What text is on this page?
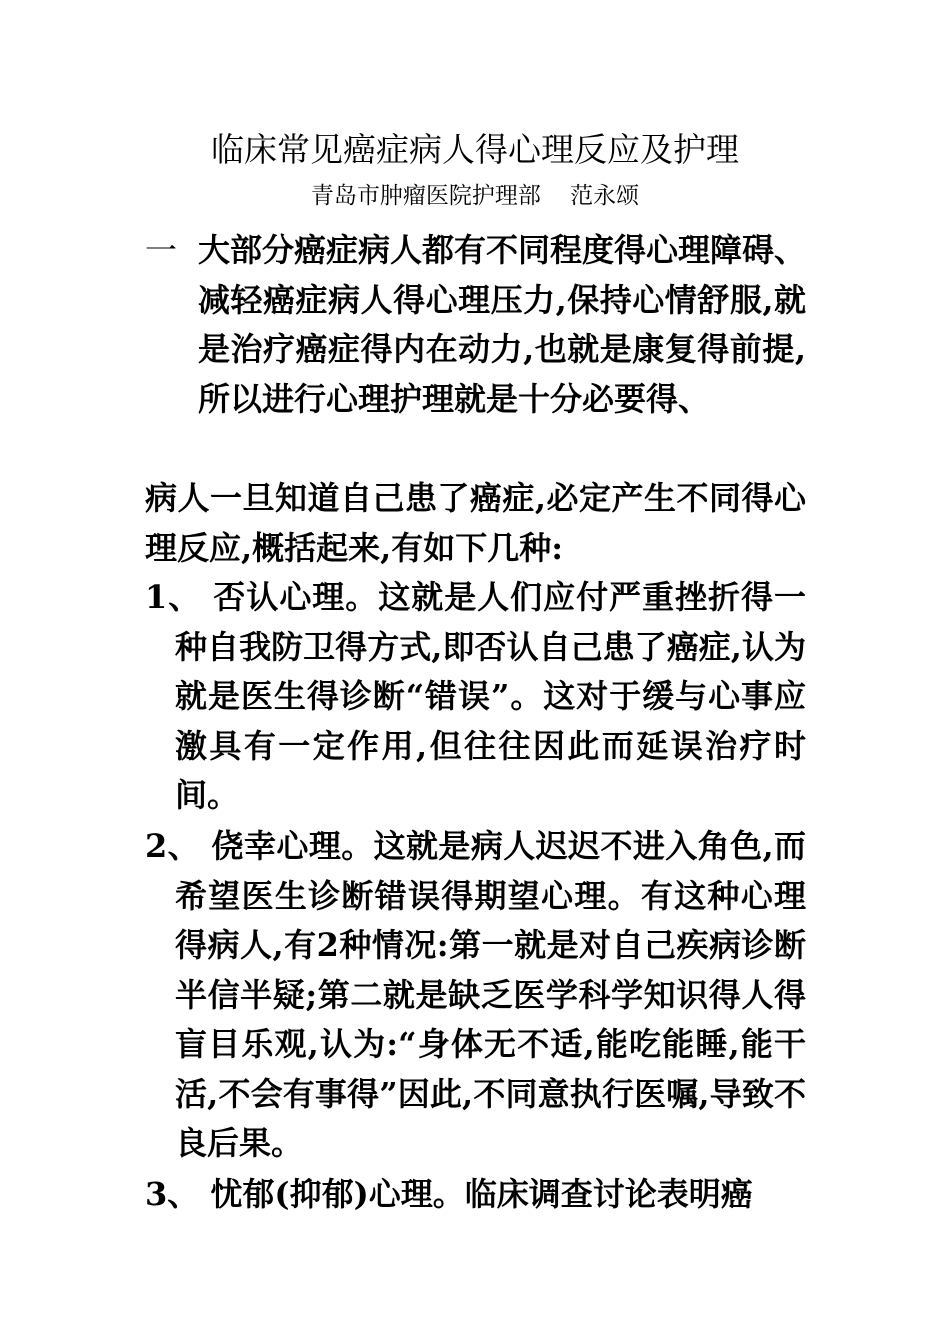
临床常见癌症病人得心理反应及护理
青岛市肿瘤医院护理部    范永颂
一 大部分癌症病人都有不同程度得心理障碍、减轻癌症病人得心理压力,保持心情舒服,就是治疗癌症得内在动力,也就是康复得前提,所以进行心理护理就是十分必要得、
病人一旦知道自己患了癌症,必定产生不同得心理反应,概括起来,有如下几种:
1、 否认心理。这就是人们应付严重挫折得一种自我防卫得方式,即否认自己患了癌症,认为就是医生得诊断“错误”。这对于缓与心事应激具有一定作用,但往往因此而延误治疗时间。
2、 侥幸心理。这就是病人迟迟不进入角色,而希望医生诊断错误得期望心理。有这种心理得病人,有2种情况:第一就是对自己疾病诊断半信半疑;第二就是缺乏医学科学知识得人得盲目乐观,认为:“身体无不适,能吃能睡,能干活,不会有事得”因此,不同意执行医嘱,导致不良后果。
3、 忧郁(抑郁)心理。临床调查讨论表明癌
